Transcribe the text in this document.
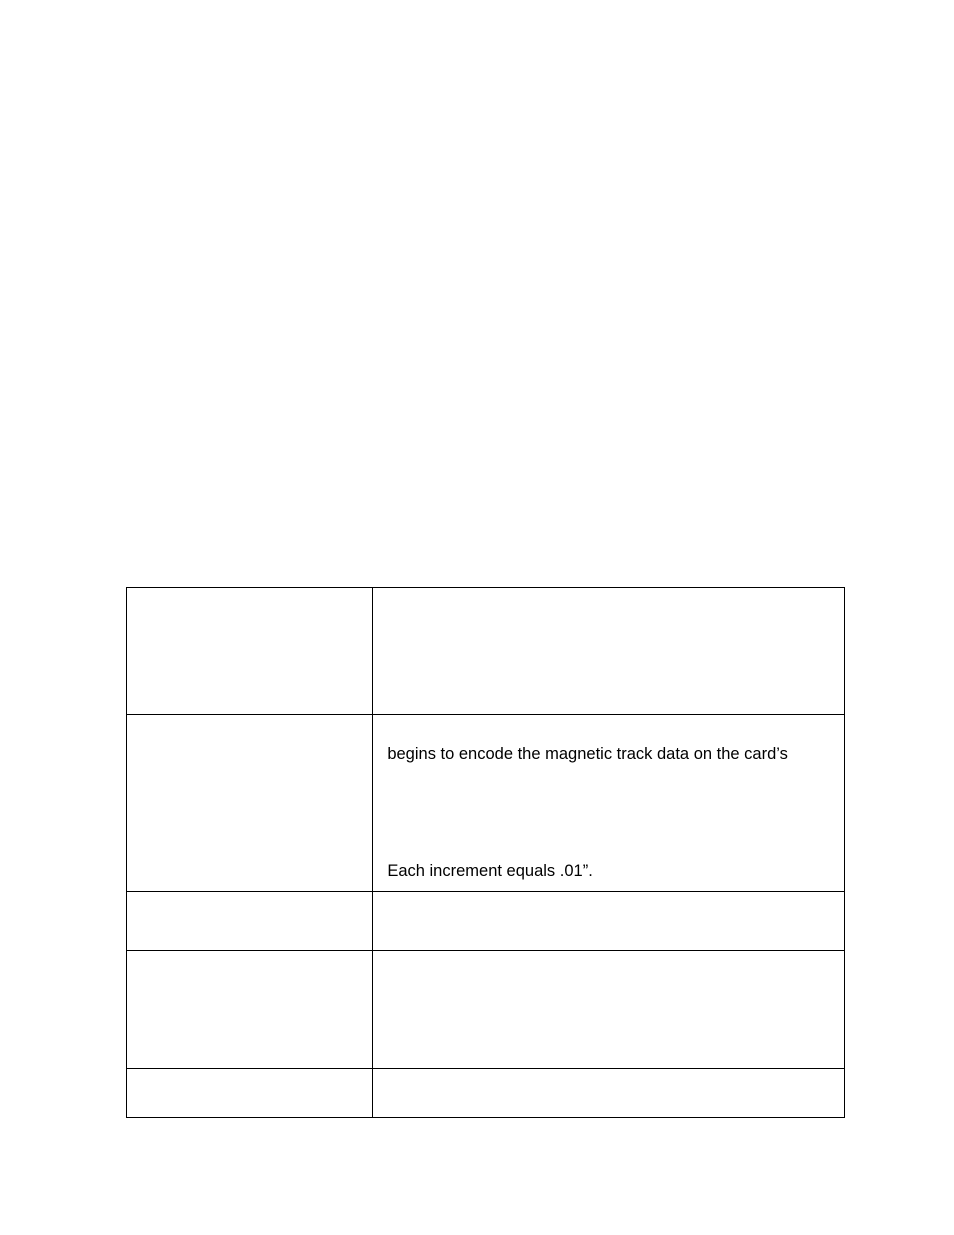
	begins to encode the magnetic track data on the card’s
Each increment equals .01”.
